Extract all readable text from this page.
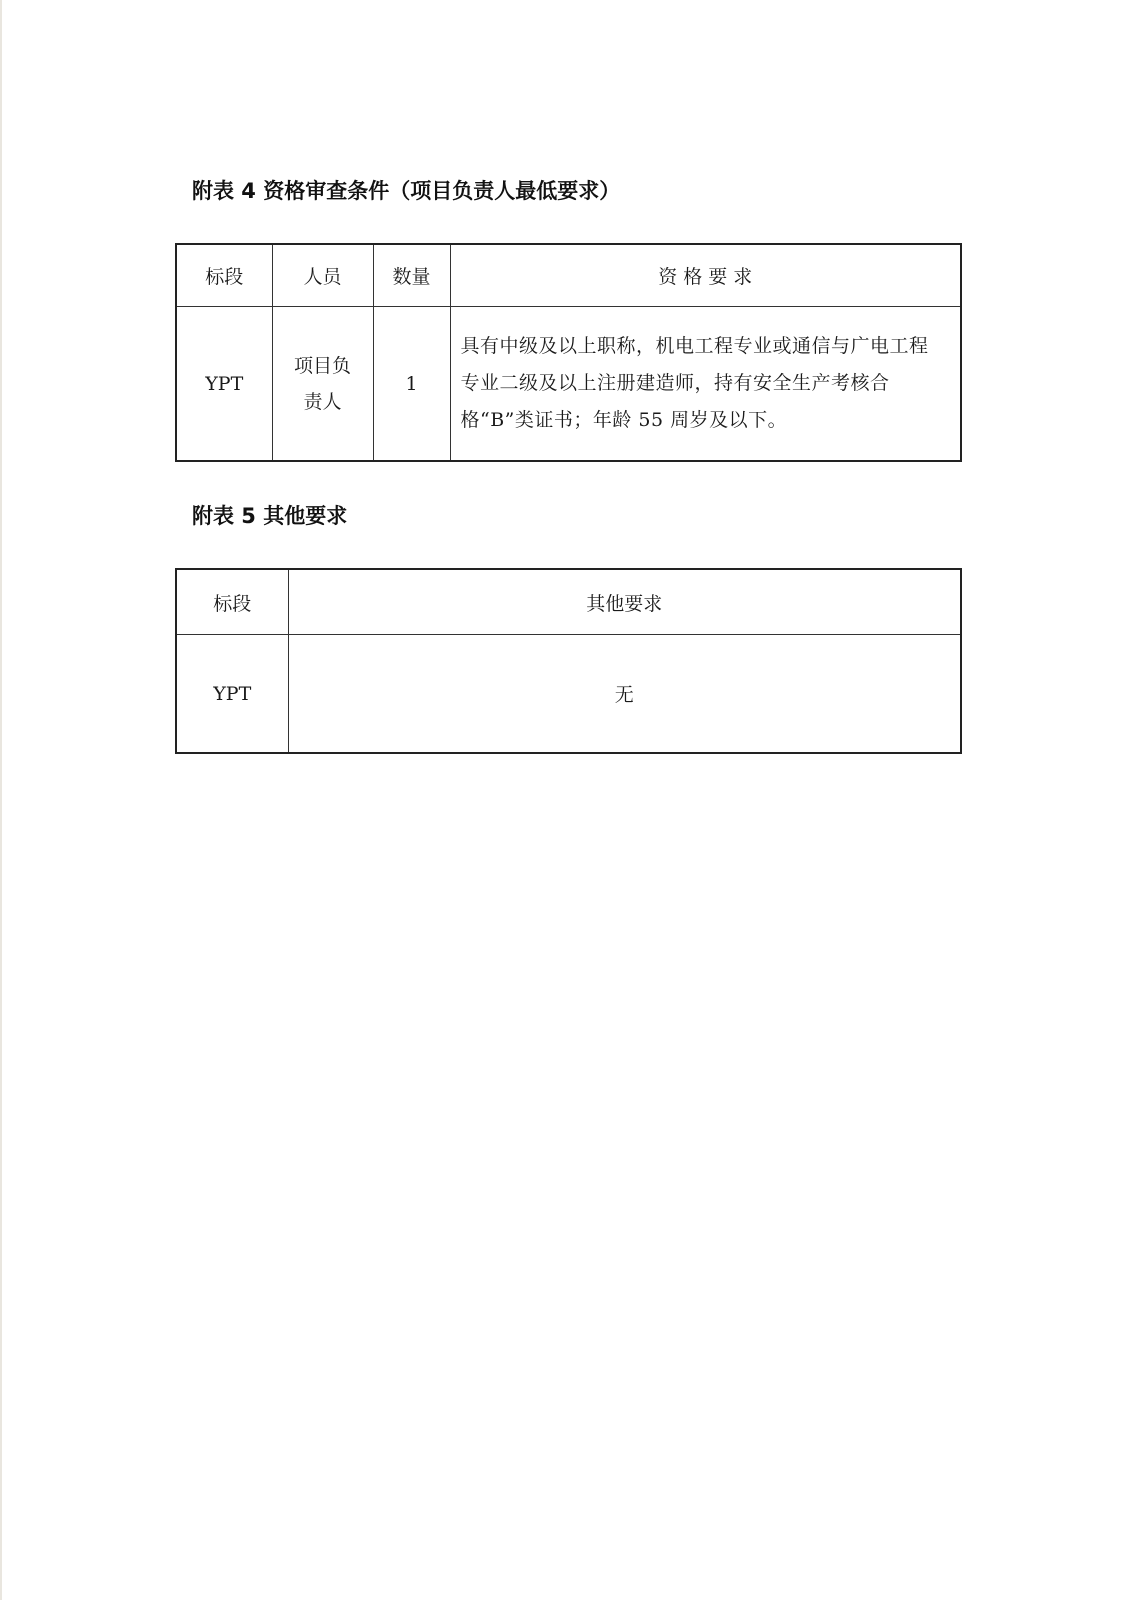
附表 4 资格审查条件（项目负责人最低要求）
标段	人员	数量	资 格 要 求
YPT	项目负责人	1	具有中级及以上职称，机电工程专业或通信与广电工程专业二级及以上注册建造师，持有安全生产考核合格“B”类证书；年龄 55 周岁及以下。
附表 5 其他要求
标段	其他要求
YPT	无
